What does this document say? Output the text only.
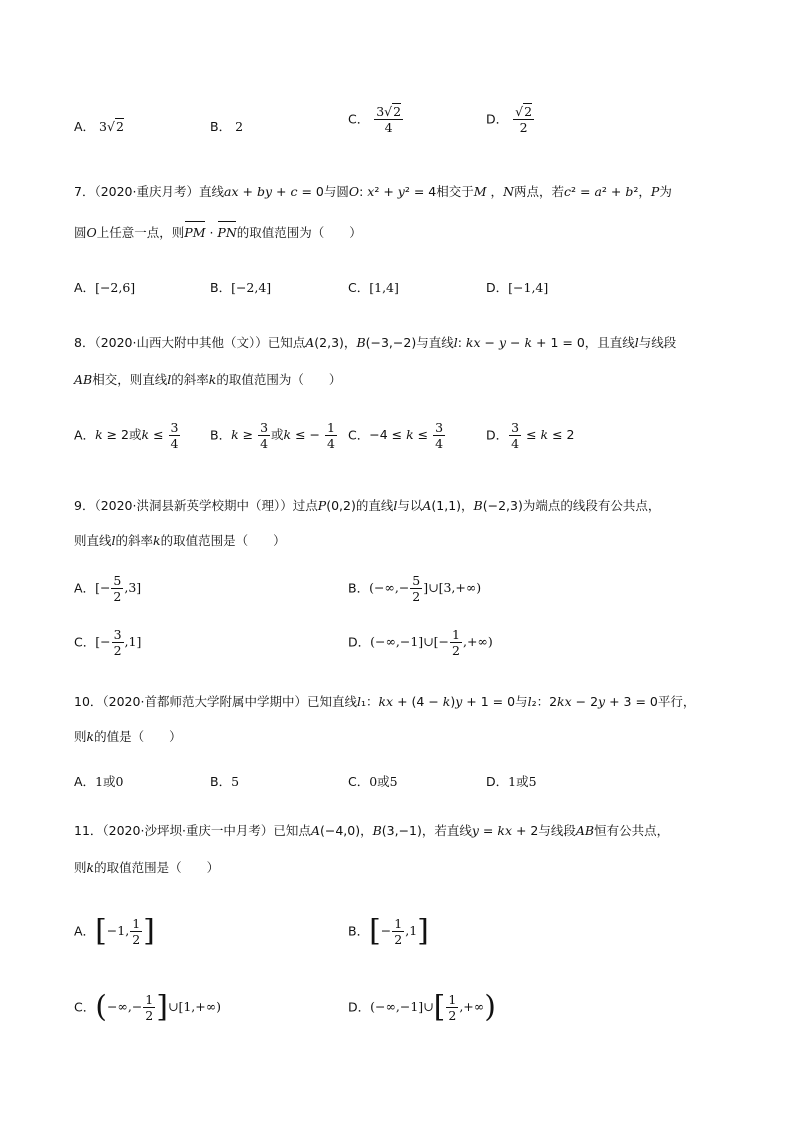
A． 3√2	B． 2	C． $\frac{3√2}{4}$	D． $\frac{√2}{2}$
7．（2020·重庆月考）直线ax + by + c = 0与圆O: x² + y² = 4相交于M ，N两点，若c² = a² + b²，P为
圆O上任意一点，则PM · PN的取值范围为（　　）
A．[−2,6]	B．[−2,4]	C．[1,4]	D．[−1,4]
8．（2020·山西大附中其他（文））已知点A(2,3)，B(−3,−2)与直线l: kx − y − k + 1 = 0，且直线l与线段
AB相交，则直线l的斜率k的取值范围为（　　）
A．k ≥ 2或$k \le \frac{3}{4}$ B．$k \ge \frac{3}{4}$ 或k ≤ − $\frac{1}{4}$ C．$-4 \le k \le \frac{3}{4}$	D． $\frac{3}{4} \le k \le 2$
9．（2020·洪洞县新英学校期中（理））过点P(0,2)的直线l与以A(1,1)，B(−2,3)为端点的线段有公共点，
则直线l的斜率k的取值范围是（　　）
A．[− $\frac{5}{2} ,3$]	B．(−∞,− $\frac{5}{2}$ ]∪[3,+∞)
C．[− $\frac{3}{2} ,1$]	D．(−∞,−1]∪[− $\frac{1}{2}$ ,+∞)
10．（2020·首都师范大学附属中学期中）已知直线l₁：kx + (4 − k)y + 1 = 0与l₂：2kx − 2y + 3 = 0平行，
则k的值是（　　）
A．1或0	B．5	C．0或5	D．1或5
11．（2020·沙坪坝·重庆一中月考）已知点A(−4,0)，B(3,−1)，若直线y = kx + 2与线段AB恒有公共点，
则k的取值范围是（　　）
A．[−1, $\frac{1}{2}$ ]	B．[− $\frac{1}{2} ,1$]
C．(−∞,− $\frac{1}{2}$ ]∪[1,+∞)	D．(−∞,−1]∪[ $\frac{1}{2}$ ,+∞)
